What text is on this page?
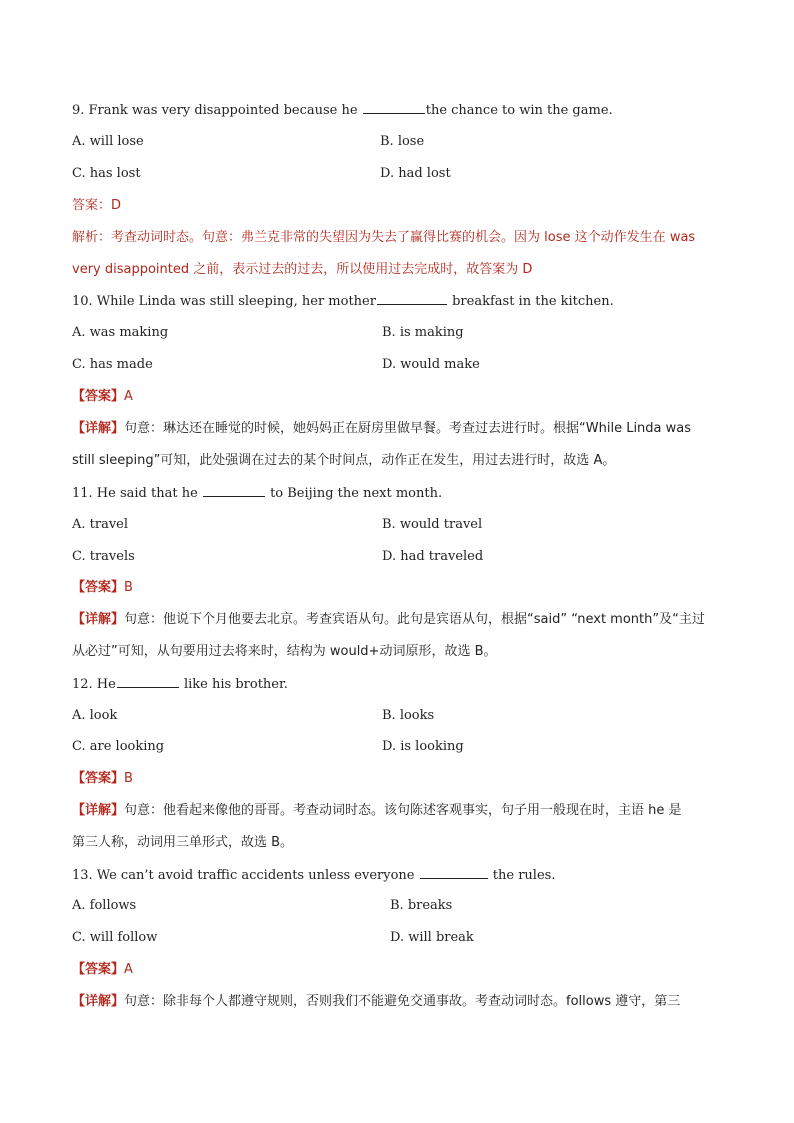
9. Frank was very disappointed because he	the chance to win the game.
A. will lose	B. lose
C. has lost	D. had lost
答案：D
解析：考查动词时态。句意：弗兰克非常的失望因为失去了赢得比赛的机会。因为 lose 这个动作发生在 was
very disappointed 之前，表示过去的过去，所以使用过去完成时，故答案为 D
10. While Linda was still sleeping, her mother	breakfast in the kitchen.
A. was making	B. is making
C. has made	D. would make
【答案】A
【详解】句意：琳达还在睡觉的时候，她妈妈正在厨房里做早餐。考查过去进行时。根据“While Linda was
still sleeping”可知，此处强调在过去的某个时间点，动作正在发生，用过去进行时，故选 A。
11. He said that he	to Beijing the next month.
A. travel	B. would travel
C. travels	D. had traveled
【答案】B
【详解】句意：他说下个月他要去北京。考查宾语从句。此句是宾语从句，根据“said” “next month”及“主过
从必过”可知，从句要用过去将来时，结构为 would+动词原形，故选 B。
12. He	like his brother.
A. look	B. looks
C. are looking	D. is looking
【答案】B
【详解】句意：他看起来像他的哥哥。考查动词时态。该句陈述客观事实，句子用一般现在时，主语 he 是
第三人称，动词用三单形式，故选 B。
13. We can’t avoid traffic accidents unless everyone	the rules.
A. follows	B. breaks
C. will follow	D. will break
【答案】A
【详解】句意：除非每个人都遵守规则，否则我们不能避免交通事故。考查动词时态。follows 遵守，第三
